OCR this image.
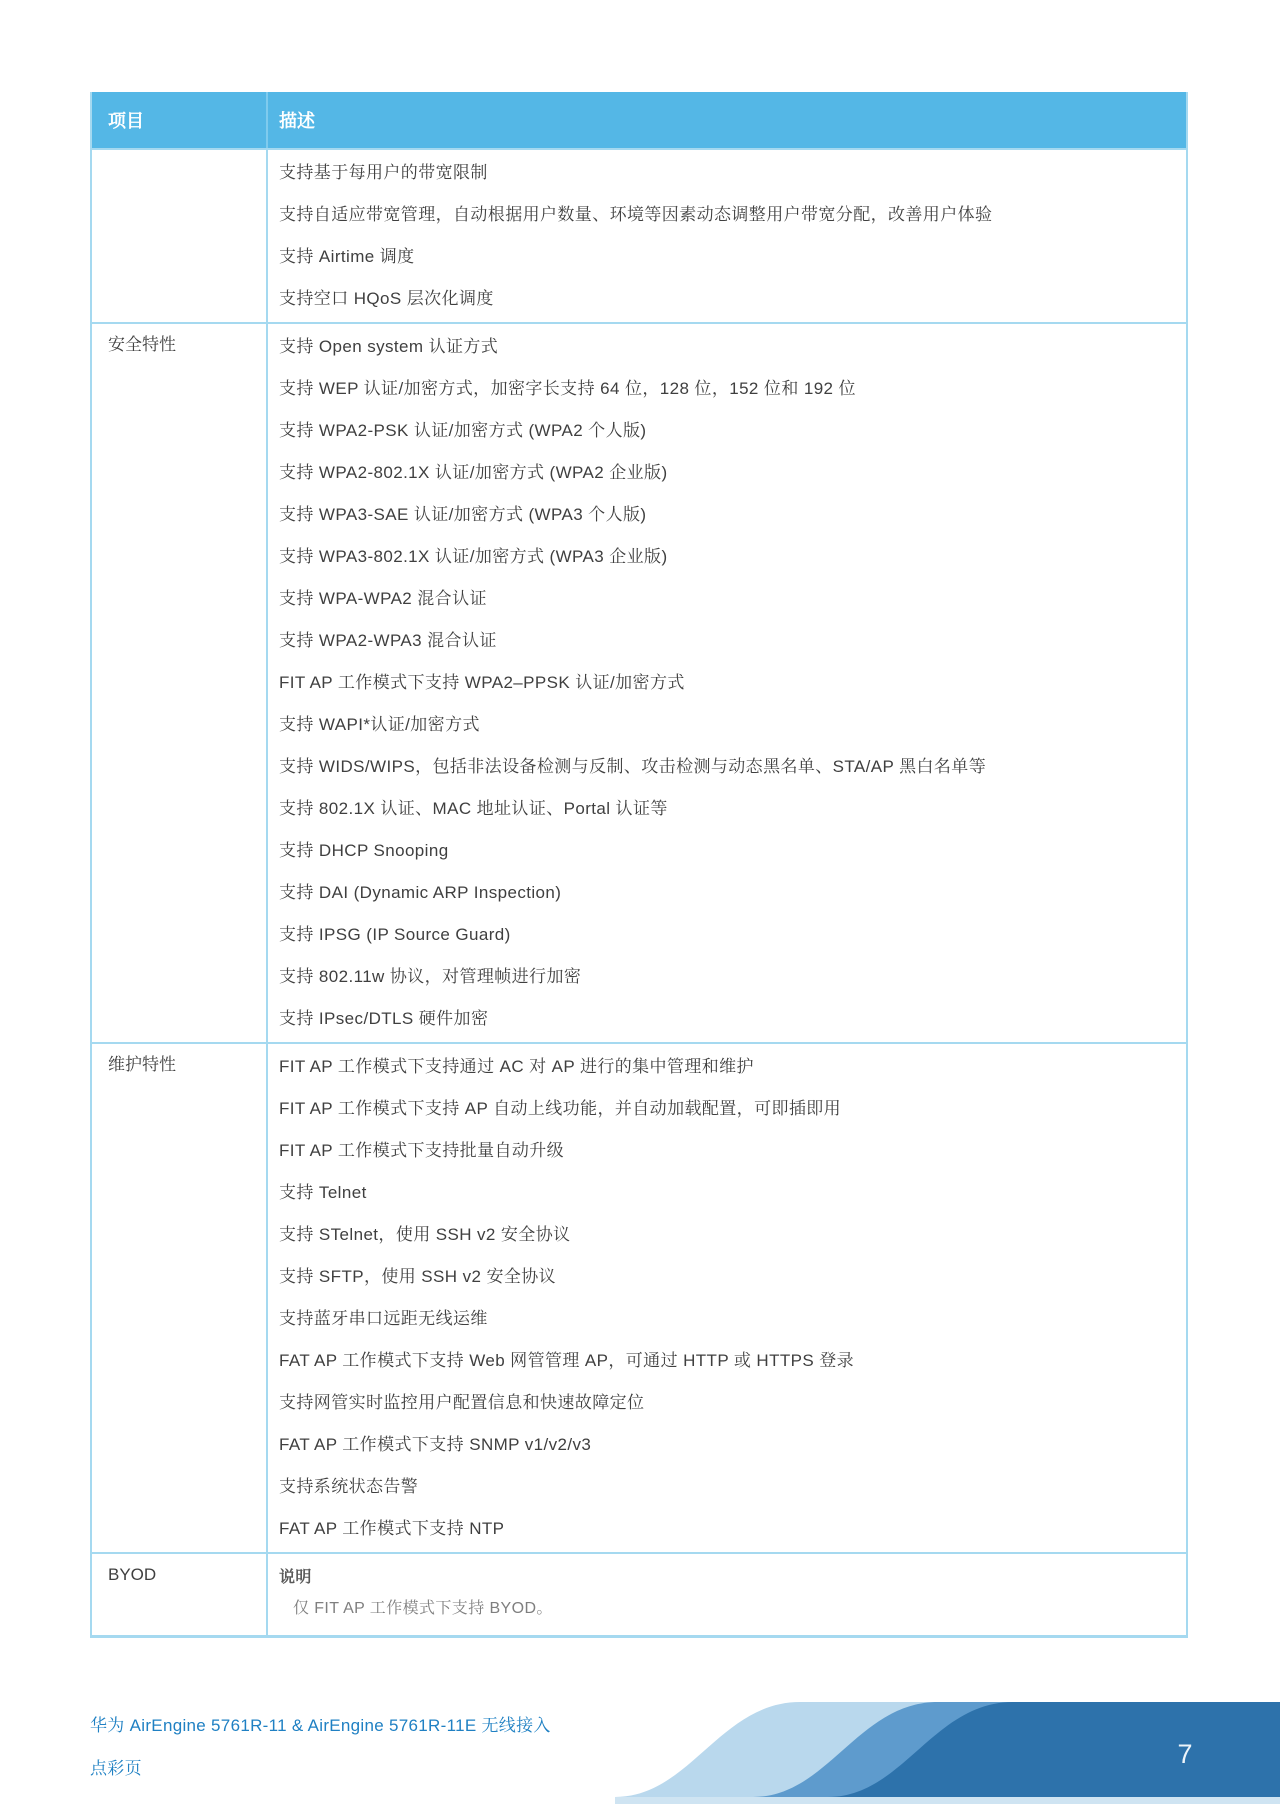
项目	描述
支持基于每用户的带宽限制
支持自适应带宽管理，自动根据用户数量、环境等因素动态调整用户带宽分配，改善用户体验
支持 Airtime 调度
支持空口 HQoS 层次化调度
安全特性	支持 Open system 认证方式
支持 WEP 认证/加密方式，加密字长支持 64 位，128 位，152 位和 192 位
支持 WPA2-PSK 认证/加密方式 (WPA2 个人版)
支持 WPA2-802.1X 认证/加密方式 (WPA2 企业版)
支持 WPA3-SAE 认证/加密方式 (WPA3 个人版)
支持 WPA3-802.1X 认证/加密方式 (WPA3 企业版)
支持 WPA-WPA2 混合认证
支持 WPA2-WPA3 混合认证
FIT AP 工作模式下支持 WPA2–PPSK 认证/加密方式
支持 WAPI*认证/加密方式
支持 WIDS/WIPS，包括非法设备检测与反制、攻击检测与动态黑名单、STA/AP 黑白名单等
支持 802.1X 认证、MAC 地址认证、Portal 认证等
支持 DHCP Snooping
支持 DAI (Dynamic ARP Inspection)
支持 IPSG (IP Source Guard)
支持 802.11w 协议，对管理帧进行加密
支持 IPsec/DTLS 硬件加密
维护特性	FIT AP 工作模式下支持通过 AC 对 AP 进行的集中管理和维护
FIT AP 工作模式下支持 AP 自动上线功能，并自动加载配置，可即插即用
FIT AP 工作模式下支持批量自动升级
支持 Telnet
支持 STelnet，使用 SSH v2 安全协议
支持 SFTP，使用 SSH v2 安全协议
支持蓝牙串口远距无线运维
FAT AP 工作模式下支持 Web 网管管理 AP，可通过 HTTP 或 HTTPS 登录
支持网管实时监控用户配置信息和快速故障定位
FAT AP 工作模式下支持 SNMP v1/v2/v3
支持系统状态告警
FAT AP 工作模式下支持 NTP
BYOD	说明
仅 FIT AP 工作模式下支持 BYOD。
华为 AirEngine 5761R-11 & AirEngine 5761R-11E 无线接入
点彩页	7
